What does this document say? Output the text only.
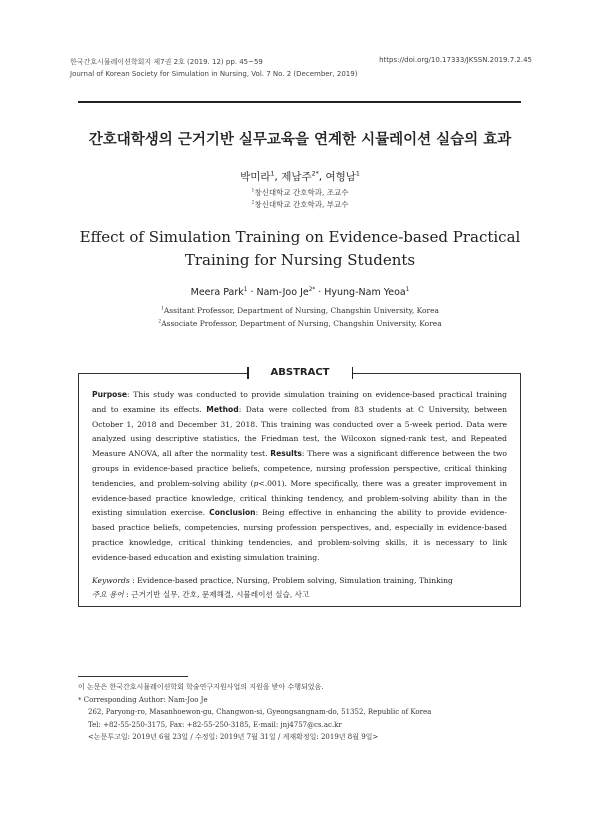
한국간호시뮬레이션학회지 제7권 2호 (2019. 12) pp. 45~59
Journal of Korean Society for Simulation in Nursing, Vol. 7 No. 2 (December, 2019)
https://doi.org/10.17333/JKSSN.2019.7.2.45
간호대학생의 근거기반 실무교육을 연계한 시뮬레이션 실습의 효과
박미라$^1$, 제남주$^{2*}$, 여형남$^1$
$^1$창신대학교 간호학과, 조교수
$^2$창신대학교 간호학과, 부교수
Effect of Simulation Training on Evidence-based Practical
Training for Nursing Students
Meera Park$^1$ · Nam-Joo $Je^{2*}$ · Hyung-Nam Yeoa$^1$
$^1$Assitant Professor, Department of Nursing, Changshin University, Korea
$^2$Associate Professor, Department of Nursing, Changshin University, Korea
ABSTRACT
Purpose: This study was conducted to provide simulation training on evidence-based practical training and to examine its effects. Method: Data were collected from 83 students at C University, between October 1, 2018 and December 31, 2018. This training was conducted over a 5-week period. Data were analyzed using descriptive statistics, the Friedman test, the Wilcoxon signed-rank test, and Repeated Measure ANOVA, all after the normality test. Results: There was a significant difference between the two groups in evidence-based practice beliefs, competence, nursing profession perspective, critical thinking tendencies, and problem-solving ability (p<.001). More specifically, there was a greater improvement in evidence-based practice knowledge, critical thinking tendency, and problem-solving ability than in the existing simulation exercise. Conclusion: Being effective in enhancing the ability to provide evidence-based practice beliefs, competencies, nursing profession perspectives, and, especially in evidence-based practice knowledge, critical thinking tendencies, and problem-solving skills, it is necessary to link evidence-based education and existing simulation training.
Keywords : Evidence-based practice, Nursing, Problem solving, Simulation training, Thinking
주요 용어 : 근거기반 실무, 간호, 문제해결, 시뮬레이션 실습, 사고
이 논문은 한국간호시뮬레이션학회 학술연구지원사업의 지원을 받아 수행되었음.
* Corresponding Author: Nam-Joo Je
262, Paryong-ro, Masanhoewon-gu, Changwon-si, Gyeongsangnam-do, 51352, Republic of Korea
Tel: +82-55-250-3175, Fax: +82-55-250-3185, E-mail: jnj4757@cs.ac.kr
<논문투고일: 2019년 6월 23일 / 수정일: 2019년 7월 31일 / 게재확정일: 2019년 8월 9일>
